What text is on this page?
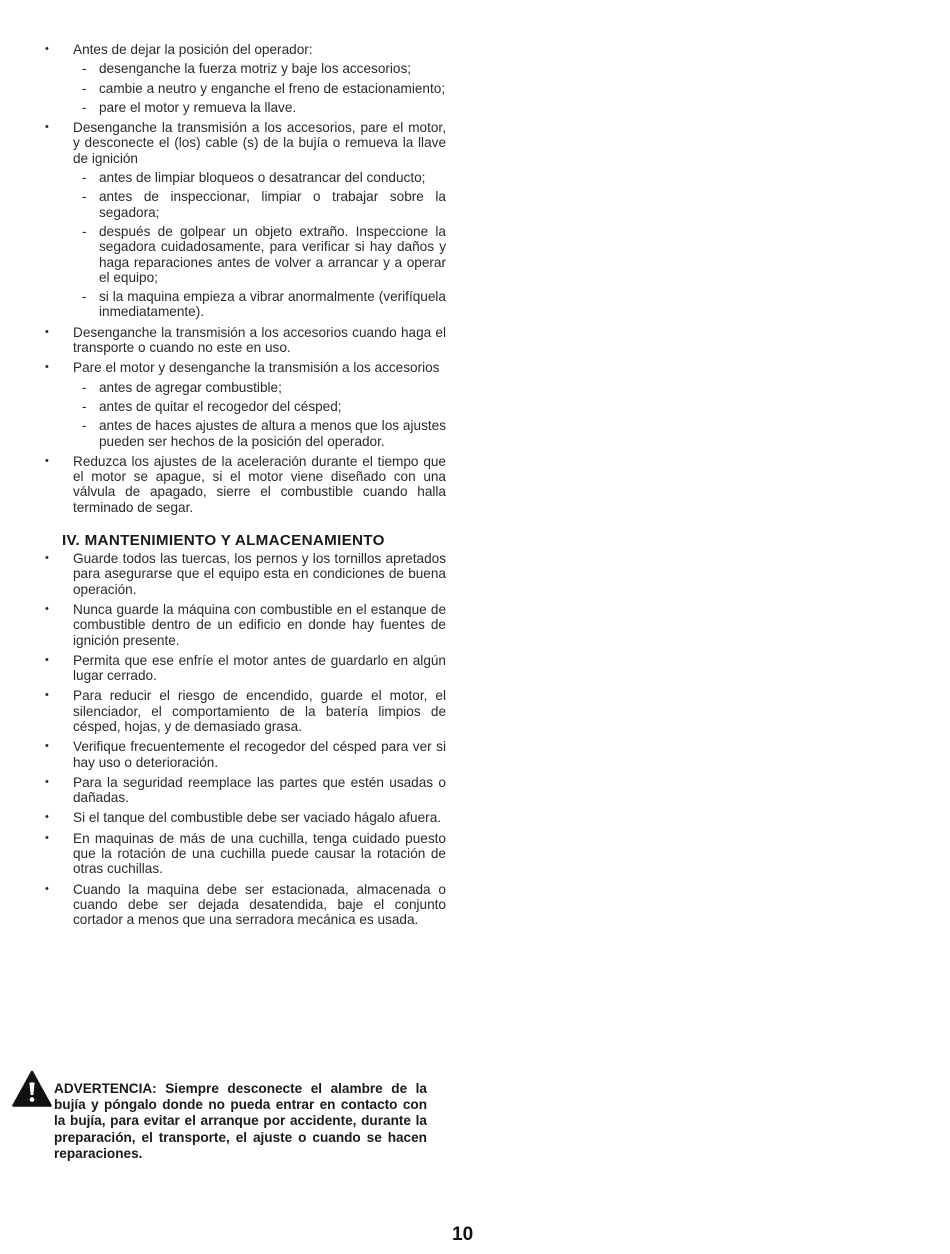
• Antes de dejar la posición del operador:
- desenganche la fuerza motriz y baje los accesorios;
- cambie a neutro y enganche el freno de estacionamiento;
- pare el motor y remueva la llave.
• Desenganche la transmisión a los accesorios, pare el motor, y desconecte el (los) cable (s) de la bujía o remueva la llave de ignición
- antes de limpiar bloqueos o desatrancar del conducto;
- antes de inspeccionar, limpiar o trabajar sobre la segadora;
- después de golpear un objeto extraño. Inspeccione la segadora cuidadosamente, para verificar si hay daños y haga reparaciones antes de volver a arrancar y a operar el equipo;
- si la maquina empieza a vibrar anormalmente (verifíquela inmediatamente).
• Desenganche la transmisión a los accesorios cuando haga el transporte o cuando no este en uso.
• Pare el motor y desenganche la transmisión a los accesorios
- antes de agregar combustible;
- antes de quitar el recogedor del césped;
- antes de haces ajustes de altura a menos que los ajustes pueden ser hechos de la posición del operador.
• Reduzca los ajustes de la aceleración durante el tiempo que el motor se apague, si el motor viene diseñado con una válvula de apagado, sierre el combustible cuando halla terminado de segar.
IV. MANTENIMIENTO Y ALMACENAMIENTO
• Guarde todos las tuercas, los pernos y los tornillos apretados para asegurarse que el equipo esta en condiciones de buena operación.
• Nunca guarde la máquina con combustible en el estanque de combustible dentro de un edificio en donde hay fuentes de ignición presente.
• Permita que ese enfríe el motor antes de guardarlo en algún lugar cerrado.
• Para reducir el riesgo de encendido, guarde el motor, el silenciador, el comportamiento de la batería limpios de césped, hojas, y de demasiado grasa.
• Verifique frecuentemente el recogedor del césped para ver si hay uso o deterioración.
• Para la seguridad reemplace las partes que estén usadas o dañadas.
• Si el tanque del combustible debe ser vaciado hágalo afuera.
• En maquinas de más de una cuchilla, tenga cuidado puesto que la rotación de una cuchilla puede causar la rotación de otras cuchillas.
• Cuando la maquina debe ser estacionada, almacenada o cuando debe ser dejada desatendida, baje el conjunto cortador a menos que una serradora mecánica es usada.
ADVERTENCIA: Siempre desconecte el alambre de la bujía y póngalo donde no pueda entrar en contacto con la bujía, para evitar el arranque por accidente, durante la preparación, el transporte, el ajuste o cuando se hacen reparaciones.
10
